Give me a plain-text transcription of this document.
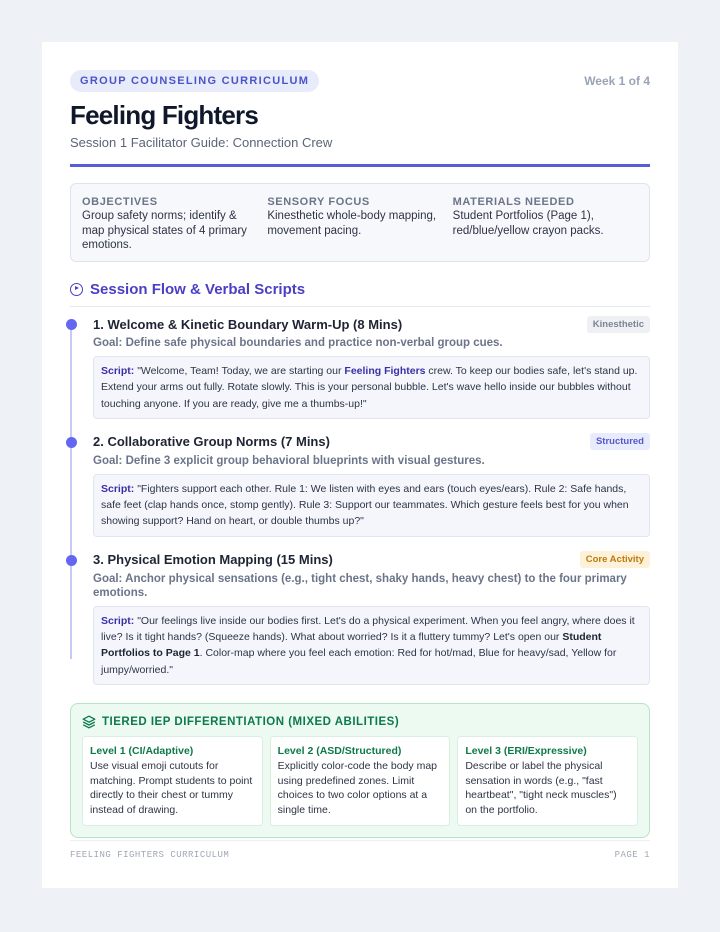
GROUP COUNSELING CURRICULUM	Week 1 of 4
Feeling Fighters
Session 1 Facilitator Guide: Connection Crew
OBJECTIVES
Group safety norms; identify & map physical states of 4 primary emotions.
SENSORY FOCUS
Kinesthetic whole-body mapping, movement pacing.
MATERIALS NEEDED
Student Portfolios (Page 1), red/blue/yellow crayon packs.
Session Flow & Verbal Scripts
1. Welcome & Kinetic Boundary Warm-Up (8 Mins)	Kinesthetic
Goal: Define safe physical boundaries and practice non-verbal group cues.
Script: "Welcome, Team! Today, we are starting our Feeling Fighters crew. To keep our bodies safe, let's stand up. Extend your arms out fully. Rotate slowly. This is your personal bubble. Let's wave hello inside our bubbles without touching anyone. If you are ready, give me a thumbs-up!"
2. Collaborative Group Norms (7 Mins)	Structured
Goal: Define 3 explicit group behavioral blueprints with visual gestures.
Script: "Fighters support each other. Rule 1: We listen with eyes and ears (touch eyes/ears). Rule 2: Safe hands, safe feet (clap hands once, stomp gently). Rule 3: Support our teammates. Which gesture feels best for you when showing support? Hand on heart, or double thumbs up?"
3. Physical Emotion Mapping (15 Mins)	Core Activity
Goal: Anchor physical sensations (e.g., tight chest, shaky hands, heavy chest) to the four primary emotions.
Script: "Our feelings live inside our bodies first. Let's do a physical experiment. When you feel angry, where does it live? Is it tight hands? (Squeeze hands). What about worried? Is it a fluttery tummy? Let's open our Student Portfolios to Page 1. Color-map where you feel each emotion: Red for hot/mad, Blue for heavy/sad, Yellow for jumpy/worried."
TIERED IEP DIFFERENTIATION (MIXED ABILITIES)
Level 1 (CI/Adaptive)
Use visual emoji cutouts for matching. Prompt students to point directly to their chest or tummy instead of drawing.
Level 2 (ASD/Structured)
Explicitly color-code the body map using predefined zones. Limit choices to two color options at a single time.
Level 3 (ERI/Expressive)
Describe or label the physical sensation in words (e.g., "fast heartbeat", "tight neck muscles") on the portfolio.
FEELING FIGHTERS CURRICULUM	PAGE 1
